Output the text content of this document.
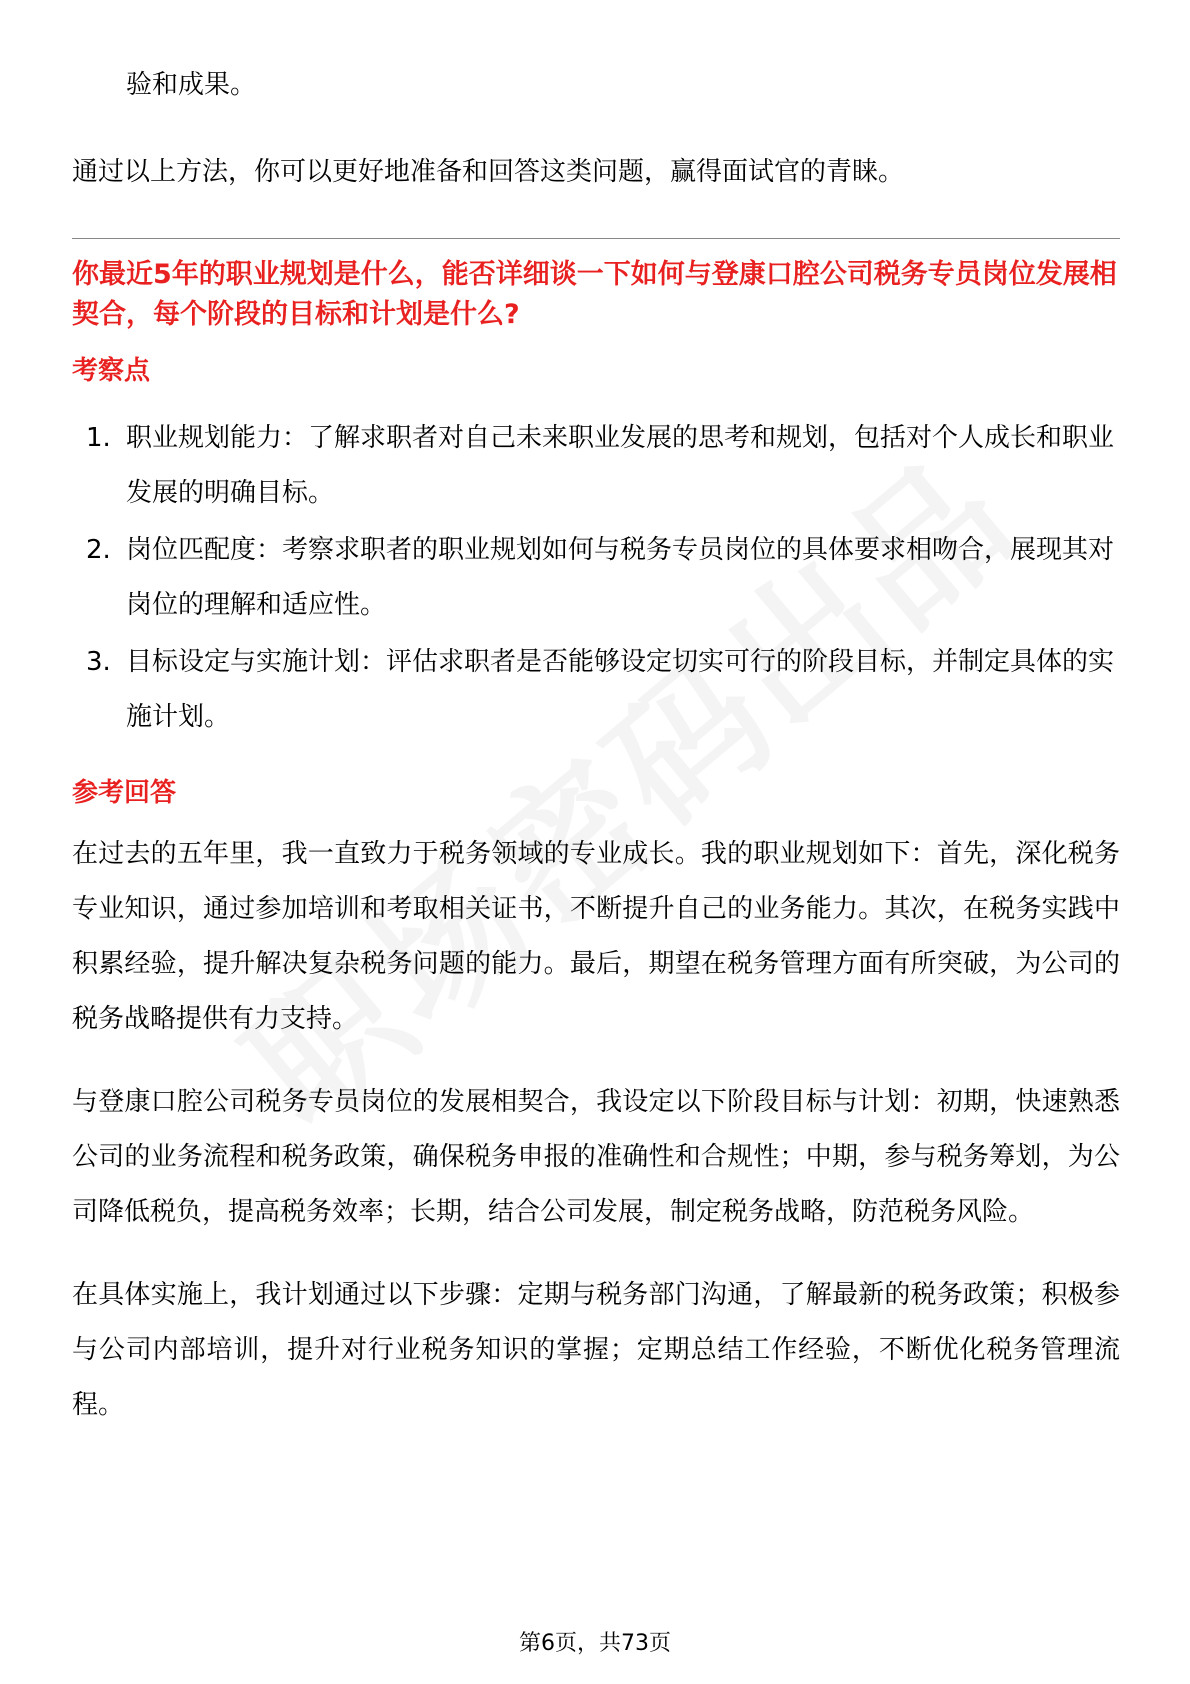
验和成果。

通过以上方法，你可以更好地准备和回答这类问题，赢得面试官的青睐。

你最近5年的职业规划是什么，能否详细谈一下如何与登康口腔公司税务专员岗位发展相契合，每个阶段的目标和计划是什么?
考察点
1. 职业规划能力：了解求职者对自己未来职业发展的思考和规划，包括对个人成长和职业发展的明确目标。
2. 岗位匹配度：考察求职者的职业规划如何与税务专员岗位的具体要求相吻合，展现其对岗位的理解和适应性。
3. 目标设定与实施计划：评估求职者是否能够设定切实可行的阶段目标，并制定具体的实施计划。
参考回答

在过去的五年里，我一直致力于税务领域的专业成长。我的职业规划如下：首先，深化税务专业知识，通过参加培训和考取相关证书，不断提升自己的业务能力。其次，在税务实践中积累经验，提升解决复杂税务问题的能力。最后，期望在税务管理方面有所突破，为公司的税务战略提供有力支持。

与登康口腔公司税务专员岗位的发展相契合，我设定以下阶段目标与计划：初期，快速熟悉公司的业务流程和税务政策，确保税务申报的准确性和合规性；中期，参与税务筹划，为公司降低税负，提高税务效率；长期，结合公司发展，制定税务战略，防范税务风险。

在具体实施上，我计划通过以下步骤：定期与税务部门沟通，了解最新的税务政策；积极参与公司内部培训，提升对行业税务知识的掌握；定期总结工作经验，不断优化税务管理流程。

第6页，共73页
